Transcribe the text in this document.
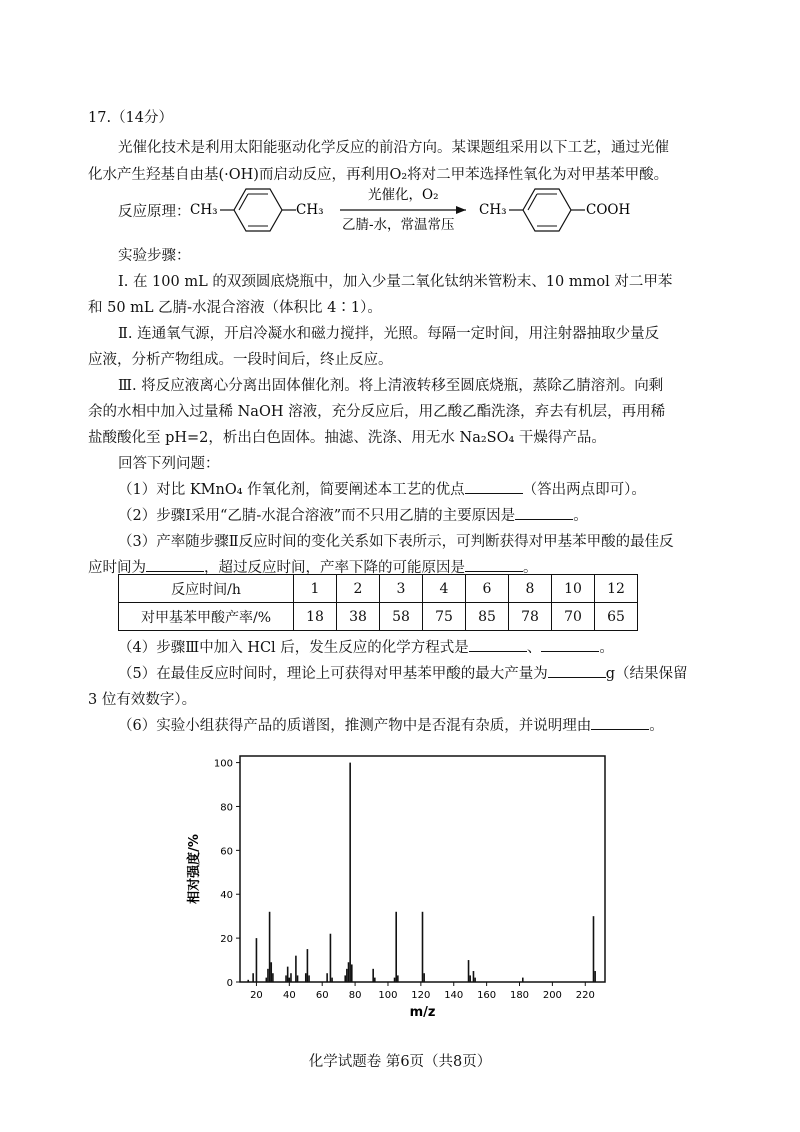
17.（14分）

光催化技术是利用太阳能驱动化学反应的前沿方向。某课题组采用以下工艺，通过光催

化水产生羟基自由基(·OH)而启动反应，再利用O₂将对二甲苯选择性氧化为对甲基苯甲酸。

反应原理： CH₃	CH₃
光催化，O₂
乙腈-水，常温常压
CH₃	COOH

实验步骤：

Ⅰ. 在 100 mL 的双颈圆底烧瓶中，加入少量二氧化钛纳米管粉末、10 mmol 对二甲苯

和 50 mL 乙腈-水混合溶液（体积比 4∶1）。

Ⅱ. 连通氧气源，开启冷凝水和磁力搅拌，光照。每隔一定时间，用注射器抽取少量反

应液，分析产物组成。一段时间后，终止反应。

Ⅲ. 将反应液离心分离出固体催化剂。将上清液转移至圆底烧瓶，蒸除乙腈溶剂。向剩

余的水相中加入过量稀 NaOH 溶液，充分反应后，用乙酸乙酯洗涤，弃去有机层，再用稀

盐酸酸化至 pH=2，析出白色固体。抽滤、洗涤、用无水 Na₂SO₄ 干燥得产品。

回答下列问题：

（1）对比 KMnO₄ 作氧化剂，简要阐述本工艺的优点	（答出两点即可）。

（2）步骤Ⅰ采用“乙腈-水混合溶液”而不只用乙腈的主要原因是	。

（3）产率随步骤Ⅱ反应时间的变化关系如下表所示，可判断获得对甲基苯甲酸的最佳反

应时间为	，超过反应时间，产率下降的可能原因是	。

反应时间/h	1	2	3	4	6	8	10	12
对甲基苯甲酸产率/%	18	38	58	75	85	78	70	65

（4）步骤Ⅲ中加入 HCl 后，发生反应的化学方程式是	、	。

（5）在最佳反应时间时，理论上可获得对甲基苯甲酸的最大产量为	g（结果保留

3 位有效数字）。

（6）实验小组获得产品的质谱图，推测产物中是否混有杂质，并说明理由	。

0
20
40
60
80
100
20 40 60 80 100 120 140 160 180 200 220
相对强度/%
m/z

化学试题卷 第6页（共8页）
